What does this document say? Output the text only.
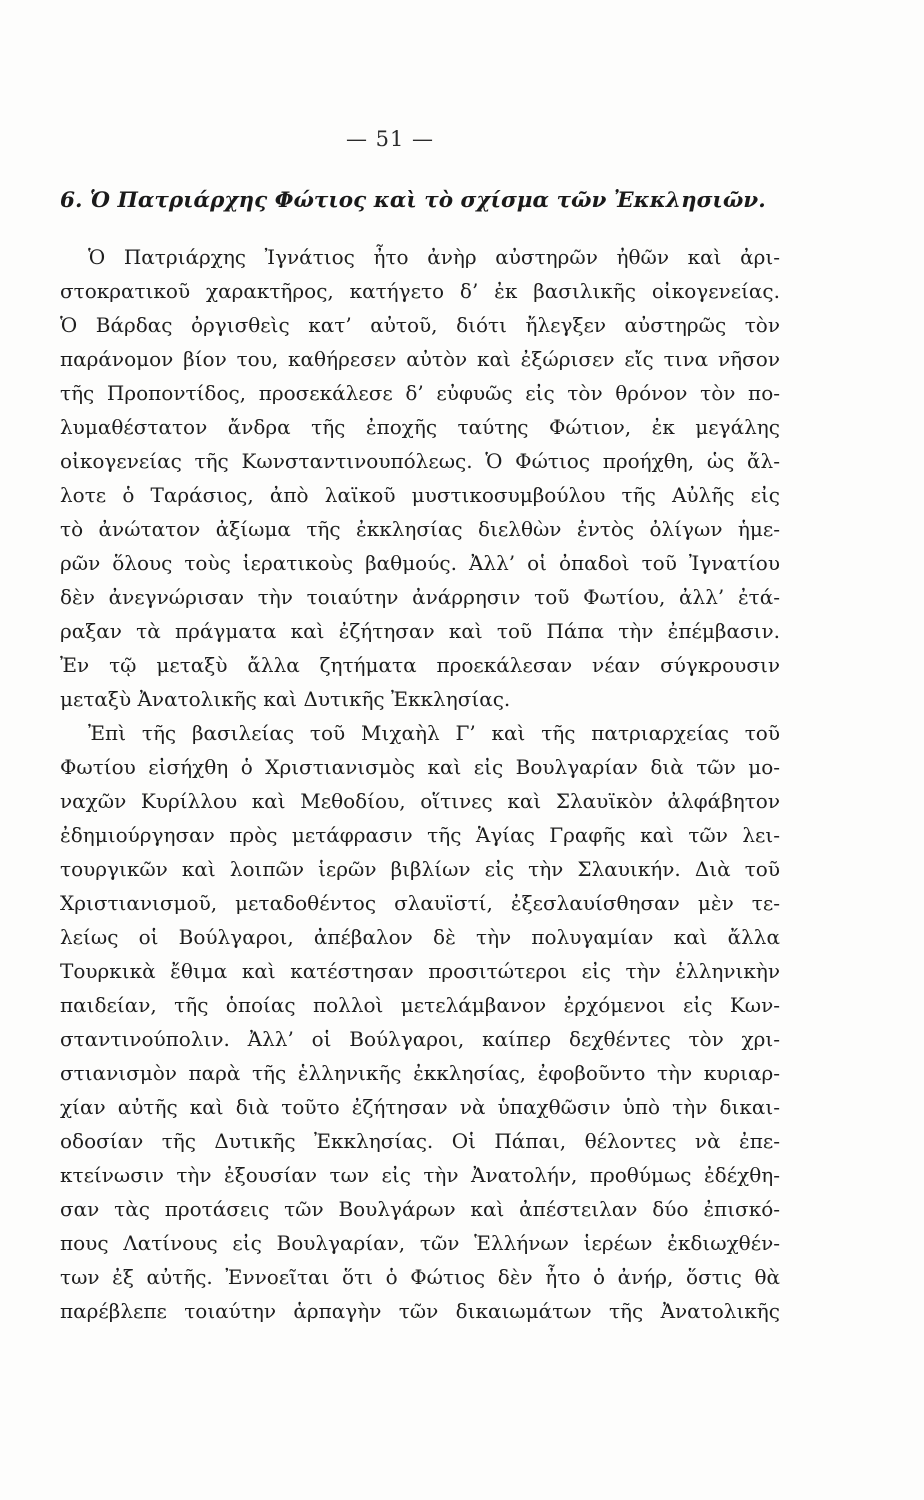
— 51 —
6. Ὁ Πατριάρχης Φώτιος καὶ τὸ σχίσμα τῶν Ἐκκλησιῶν.
Ὁ Πατριάρχης Ἰγνάτιος ἦτο ἀνὴρ αὐστηρῶν ἠθῶν καὶ ἀρι-
στοκρατικοῦ χαρακτῆρος, κατήγετο δ’ ἐκ βασιλικῆς οἰκογενείας.
Ὁ Βάρδας ὀργισθεὶς κατ’ αὐτοῦ, διότι ἤλεγξεν αὐστηρῶς τὸν
παράνομον βίον του, καθήρεσεν αὐτὸν καὶ ἐξώρισεν εἴς τινα νῆσον
τῆς Προποντίδος, προσεκάλεσε δ’ εὐφυῶς εἰς τὸν θρόνον τὸν πο-
λυμαθέστατον ἄνδρα τῆς ἐποχῆς ταύτης Φώτιον, ἐκ μεγάλης
οἰκογενείας τῆς Κωνσταντινουπόλεως. Ὁ Φώτιος προήχθη, ὡς ἄλ-
λοτε ὁ Ταράσιος, ἀπὸ λαϊκοῦ μυστικοσυμβούλου τῆς Αὐλῆς εἰς
τὸ ἀνώτατον ἀξίωμα τῆς ἐκκλησίας διελθὼν ἐντὸς ὀλίγων ἡμε-
ρῶν ὅλους τοὺς ἱερατικοὺς βαθμούς. Ἀλλ’ οἱ ὀπαδοὶ τοῦ Ἰγνατίου
δὲν ἀνεγνώρισαν τὴν τοιαύτην ἀνάρρησιν τοῦ Φωτίου, ἀλλ’ ἐτά-
ραξαν τὰ πράγματα καὶ ἐζήτησαν καὶ τοῦ Πάπα τὴν ἐπέμβασιν.
Ἐν τῷ μεταξὺ ἄλλα ζητήματα προεκάλεσαν νέαν σύγκρουσιν
μεταξὺ Ἀνατολικῆς καὶ Δυτικῆς Ἐκκλησίας.
Ἐπὶ τῆς βασιλείας τοῦ Μιχαὴλ Γ’ καὶ τῆς πατριαρχείας τοῦ
Φωτίου εἰσήχθη ὁ Χριστιανισμὸς καὶ εἰς Βουλγαρίαν διὰ τῶν μο-
ναχῶν Κυρίλλου καὶ Μεθοδίου, οἵτινες καὶ Σλαυϊκὸν ἀλφάβητον
ἐδημιούργησαν πρὸς μετάφρασιν τῆς Ἁγίας Γραφῆς καὶ τῶν λει-
τουργικῶν καὶ λοιπῶν ἱερῶν βιβλίων εἰς τὴν Σλαυικήν. Διὰ τοῦ
Χριστιανισμοῦ, μεταδοθέντος σλαυϊστί, ἐξεσλαυίσθησαν μὲν τε-
λείως οἱ Βούλγαροι, ἀπέβαλον δὲ τὴν πολυγαμίαν καὶ ἄλλα
Τουρκικὰ ἔθιμα καὶ κατέστησαν προσιτώτεροι εἰς τὴν ἑλληνικὴν
παιδείαν, τῆς ὁποίας πολλοὶ μετελάμβανον ἐρχόμενοι εἰς Κων-
σταντινούπολιν. Ἀλλ’ οἱ Βούλγαροι, καίπερ δεχθέντες τὸν χρι-
στιανισμὸν παρὰ τῆς ἑλληνικῆς ἐκκλησίας, ἐφοβοῦντο τὴν κυριαρ-
χίαν αὐτῆς καὶ διὰ τοῦτο ἐζήτησαν νὰ ὑπαχθῶσιν ὑπὸ τὴν δικαι-
οδοσίαν τῆς Δυτικῆς Ἐκκλησίας. Οἱ Πάπαι, θέλοντες νὰ ἐπε-
κτείνωσιν τὴν ἐξουσίαν των εἰς τὴν Ἀνατολήν, προθύμως ἐδέχθη-
σαν τὰς προτάσεις τῶν Βουλγάρων καὶ ἀπέστειλαν δύο ἐπισκό-
πους Λατίνους εἰς Βουλγαρίαν, τῶν Ἑλλήνων ἱερέων ἐκδιωχθέν-
των ἐξ αὐτῆς. Ἐννοεῖται ὅτι ὁ Φώτιος δὲν ἦτο ὁ ἀνήρ, ὅστις θὰ
παρέβλεπε τοιαύτην ἁρπαγὴν τῶν δικαιωμάτων τῆς Ἀνατολικῆς
